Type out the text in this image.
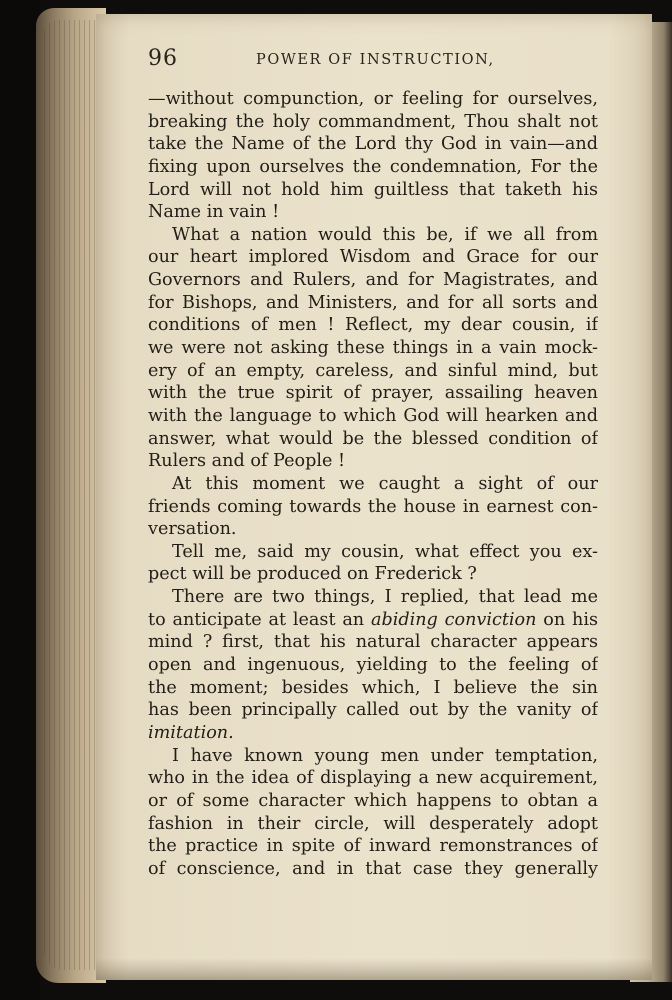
96	POWER OF INSTRUCTION,
—without compunction, or feeling for ourselves,
breaking the holy commandment, Thou shalt not
take the Name of the Lord thy God in vain—and
fixing upon ourselves the condemnation, For the
Lord will not hold him guiltless that taketh his
Name in vain !
What a nation would this be, if we all from
our heart implored Wisdom and Grace for our
Governors and Rulers, and for Magistrates, and
for Bishops, and Ministers, and for all sorts and
conditions of men ! Reflect, my dear cousin, if
we were not asking these things in a vain mock-
ery of an empty, careless, and sinful mind, but
with the true spirit of prayer, assailing heaven
with the language to which God will hearken and
answer, what would be the blessed condition of
Rulers and of People !
At this moment we caught a sight of our
friends coming towards the house in earnest con-
versation.
Tell me, said my cousin, what effect you ex-
pect will be produced on Frederick ?
There are two things, I replied, that lead me
to anticipate at least an abiding conviction on his
mind ? first, that his natural character appears
open and ingenuous, yielding to the feeling of
the moment; besides which, I believe the sin
has been principally called out by the vanity of
imitation.
I have known young men under temptation,
who in the idea of displaying a new acquirement,
or of some character which happens to obtan a
fashion in their circle, will desperately adopt
the practice in spite of inward remonstrances of
of conscience, and in that case they generally
